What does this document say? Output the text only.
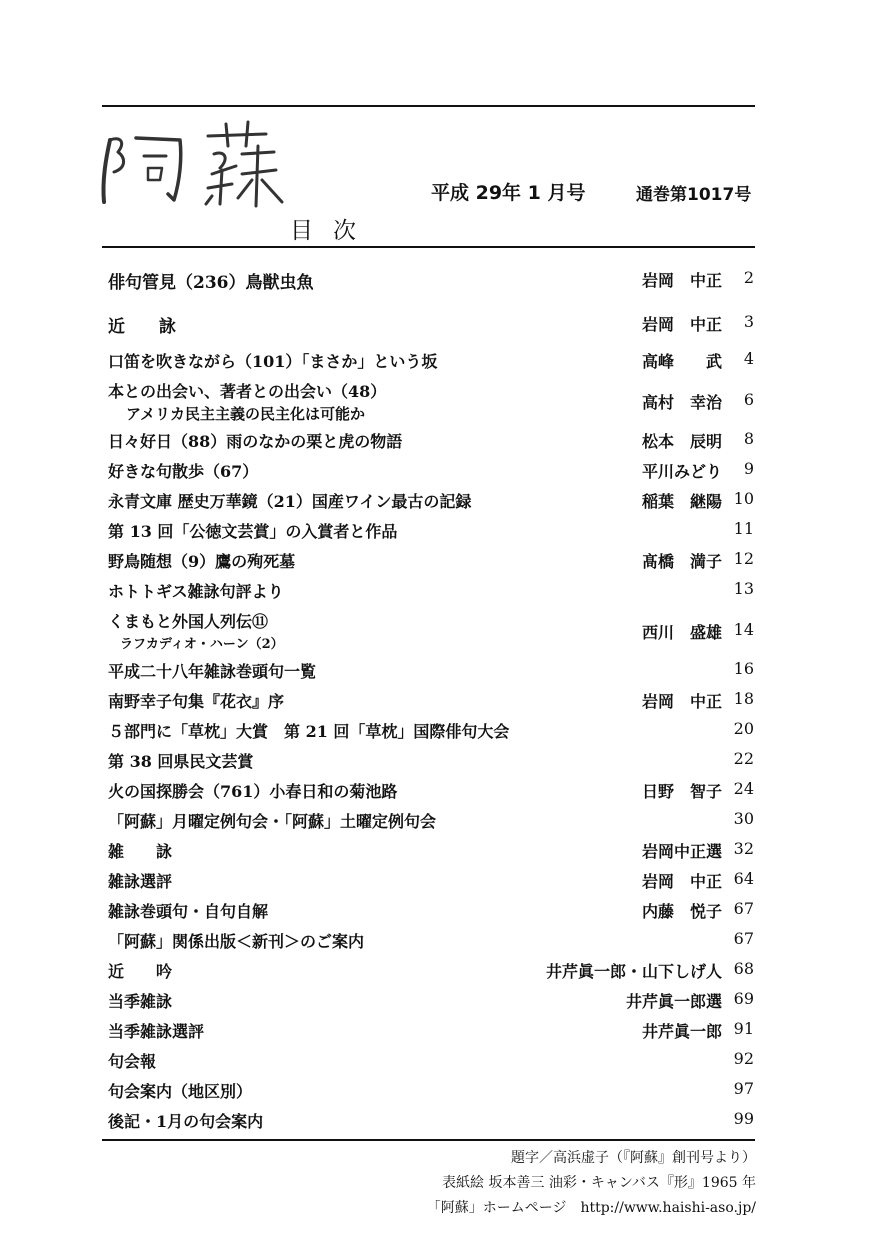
目次
平成 29年 1 月号	通巻第1017号
俳句管見（236）鳥獣虫魚	岩岡　中正	2
近　　詠	岩岡　中正	3
口笛を吹きながら（101）「まさか」という坂	高峰　　武	4
本との出会い、著者との出会い（48）
アメリカ民主主義の民主化は可能か
高村　幸治	6
日々好日（88）雨のなかの栗と虎の物語	松本　辰明	8
好きな句散歩（67）	平川みどり	9
永青文庫 歴史万華鏡（21）国産ワイン最古の記録	稲葉　継陽 10
第 13 回「公徳文芸賞」の入賞者と作品	11
野鳥随想（9）鷹の殉死墓	髙橋　満子 12
ホトトギス雑詠句評より	13
くまもと外国人列伝⑪
ラフカディオ・ハーン（2）
西川　盛雄 14
平成二十八年雑詠巻頭句一覧	16
南野幸子句集『花衣』序	岩岡　中正 18
５部門に「草枕」大賞　第 21 回「草枕」国際俳句大会	20
第 38 回県民文芸賞	22
火の国探勝会（761）小春日和の菊池路	日野　智子 24
「阿蘇」月曜定例句会・「阿蘇」土曜定例句会	30
雑　　詠	岩岡中正選 32
雑詠選評	岩岡　中正 64
雑詠巻頭句・自句自解	内藤　悦子 67
「阿蘇」関係出版＜新刊＞のご案内	67
近　　吟	井芹眞一郎・山下しげ人 68
当季雑詠	井芹眞一郎選 69
当季雑詠選評	井芹眞一郎 91
句会報	92
句会案内（地区別）	97
後記・1月の句会案内	99
題字／高浜虚子（『阿蘇』創刊号より）
表紙絵 坂本善三 油彩・キャンバス『形』1965 年
「阿蘇」ホームページ　http://www.haishi-aso.jp/
